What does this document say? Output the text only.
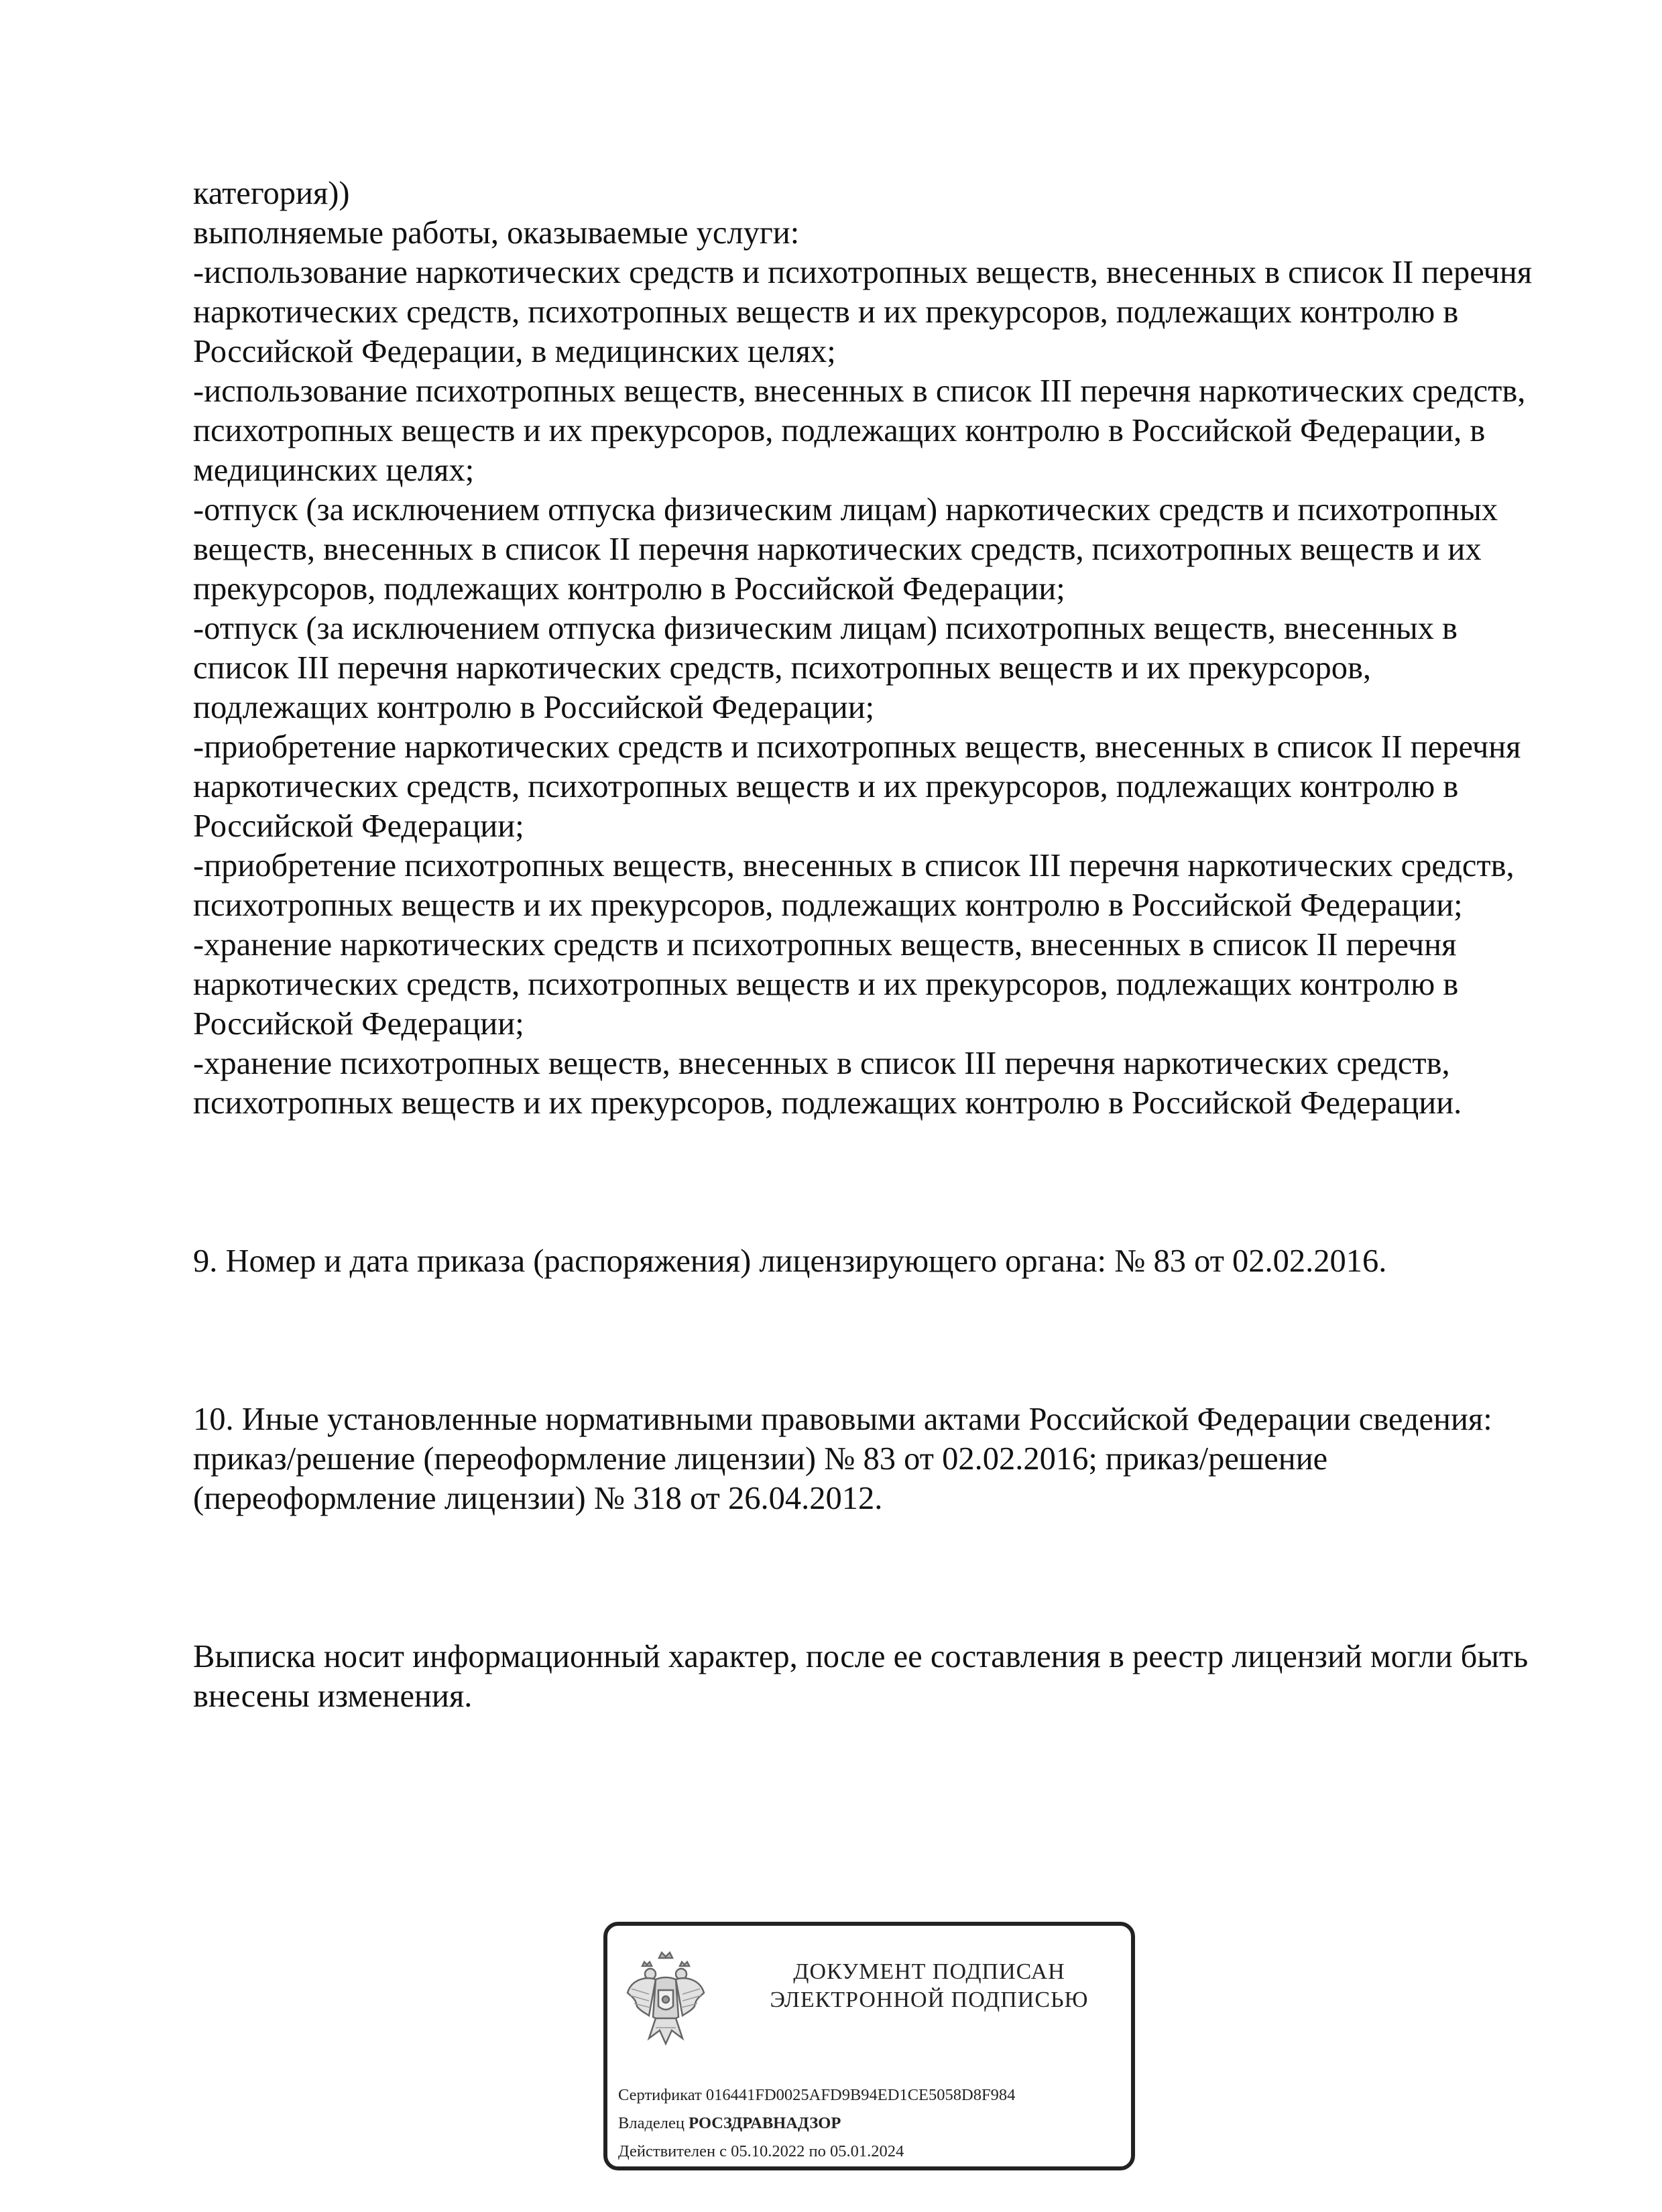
категория))
выполняемые работы, оказываемые услуги:
-использование наркотических средств и психотропных веществ, внесенных в список II перечня
наркотических средств, психотропных веществ и их прекурсоров, подлежащих контролю в
Российской Федерации, в медицинских целях;
-использование психотропных веществ, внесенных в список III перечня наркотических средств,
психотропных веществ и их прекурсоров, подлежащих контролю в Российской Федерации, в
медицинских целях;
-отпуск (за исключением отпуска физическим лицам) наркотических средств и психотропных
веществ, внесенных в список II перечня наркотических средств, психотропных веществ и их
прекурсоров, подлежащих контролю в Российской Федерации;
-отпуск (за исключением отпуска физическим лицам) психотропных веществ, внесенных в
список III перечня наркотических средств, психотропных веществ и их прекурсоров,
подлежащих контролю в Российской Федерации;
-приобретение наркотических средств и психотропных веществ, внесенных в список II перечня
наркотических средств, психотропных веществ и их прекурсоров, подлежащих контролю в
Российской Федерации;
-приобретение психотропных веществ, внесенных в список III перечня наркотических средств,
психотропных веществ и их прекурсоров, подлежащих контролю в Российской Федерации;
-хранение наркотических средств и психотропных веществ, внесенных в список II перечня
наркотических средств, психотропных веществ и их прекурсоров, подлежащих контролю в
Российской Федерации;
-хранение психотропных веществ, внесенных в список III перечня наркотических средств,
психотропных веществ и их прекурсоров, подлежащих контролю в Российской Федерации.

9. Номер и дата приказа (распоряжения) лицензирующего органа: № 83 от 02.02.2016.

10. Иные установленные нормативными правовыми актами Российской Федерации сведения:
приказ/решение (переоформление лицензии) № 83 от 02.02.2016; приказ/решение
(переоформление лицензии) № 318 от 26.04.2012.

Выписка носит информационный характер, после ее составления в реестр лицензий могли быть
внесены изменения.

ДОКУМЕНТ ПОДПИСАН
ЭЛЕКТРОННОЙ ПОДПИСЬЮ
Сертификат 016441FD0025AFD9B94ED1CE5058D8F984
Владелец РОСЗДРАВНАДЗОР
Действителен с 05.10.2022 по 05.01.2024
